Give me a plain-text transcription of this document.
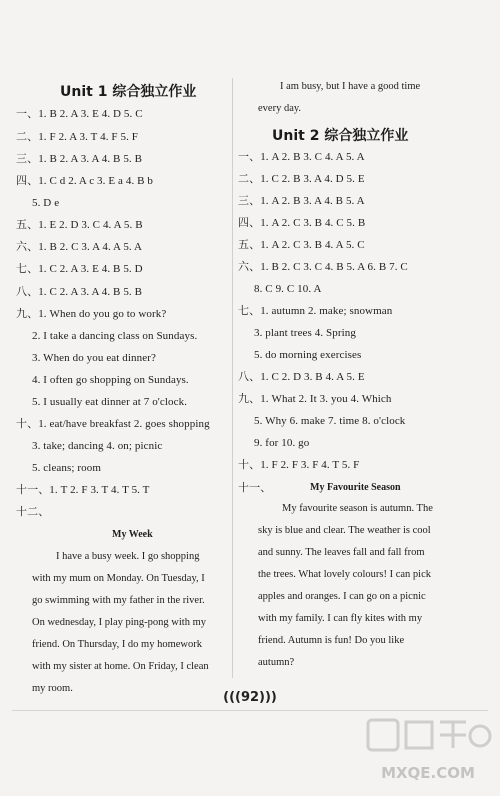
Unit 1 综合独立作业
一、1. B 2. A 3. E 4. D 5. C
二、1. F 2. A 3. T 4. F 5. F
三、1. B 2. A 3. A 4. B 5. B
四、1. C d 2. A c 3. E a 4. B b
5. D e
五、1. E 2. D 3. C 4. A 5. B
六、1. B 2. C 3. A 4. A 5. A
七、1. C 2. A 3. E 4. B 5. D
八、1. C 2. A 3. A 4. B 5. B
九、1. When do you go to work?
2. I take a dancing class on Sundays.
3. When do you eat dinner?
4. I often go shopping on Sundays.
5. I usually eat dinner at 7 o'clock.
十、1. eat/have breakfast 2. goes shopping
3. take; dancing 4. on; picnic
5. cleans; room
十一、1. T 2. F 3. T 4. T 5. T
十二、
My Week
I have a busy week. I go shopping
with my mum on Monday. On Tuesday, I
go swimming with my father in the river.
On wednesday, I play ping-pong with my
friend. On Thursday, I do my homework
with my sister at home. On Friday, I clean
my room.
I am busy, but I have a good time
every day.
Unit 2 综合独立作业
一、1. A 2. B 3. C 4. A 5. A
二、1. C 2. B 3. A 4. D 5. E
三、1. A 2. B 3. A 4. B 5. A
四、1. A 2. C 3. B 4. C 5. B
五、1. A 2. C 3. B 4. A 5. C
六、1. B 2. C 3. C 4. B 5. A 6. B 7. C
8. C 9. C 10. A
七、1. autumn 2. make; snowman
3. plant trees 4. Spring
5. do morning exercises
八、1. C 2. D 3. B 4. A 5. E
九、1. What 2. It 3. you 4. Which
5. Why 6. make 7. time 8. o'clock
9. for 10. go
十、1. F 2. F 3. F 4. T 5. F
十一、	My Favourite Season
My favourite season is autumn. The
sky is blue and clear. The weather is cool
and sunny. The leaves fall and fall from
the trees. What lovely colours! I can pick
apples and oranges. I can go on a picnic
with my family. I can fly kites with my
friend. Autumn is fun! Do you like
autumn?
(((92)))
MXQE.COM
